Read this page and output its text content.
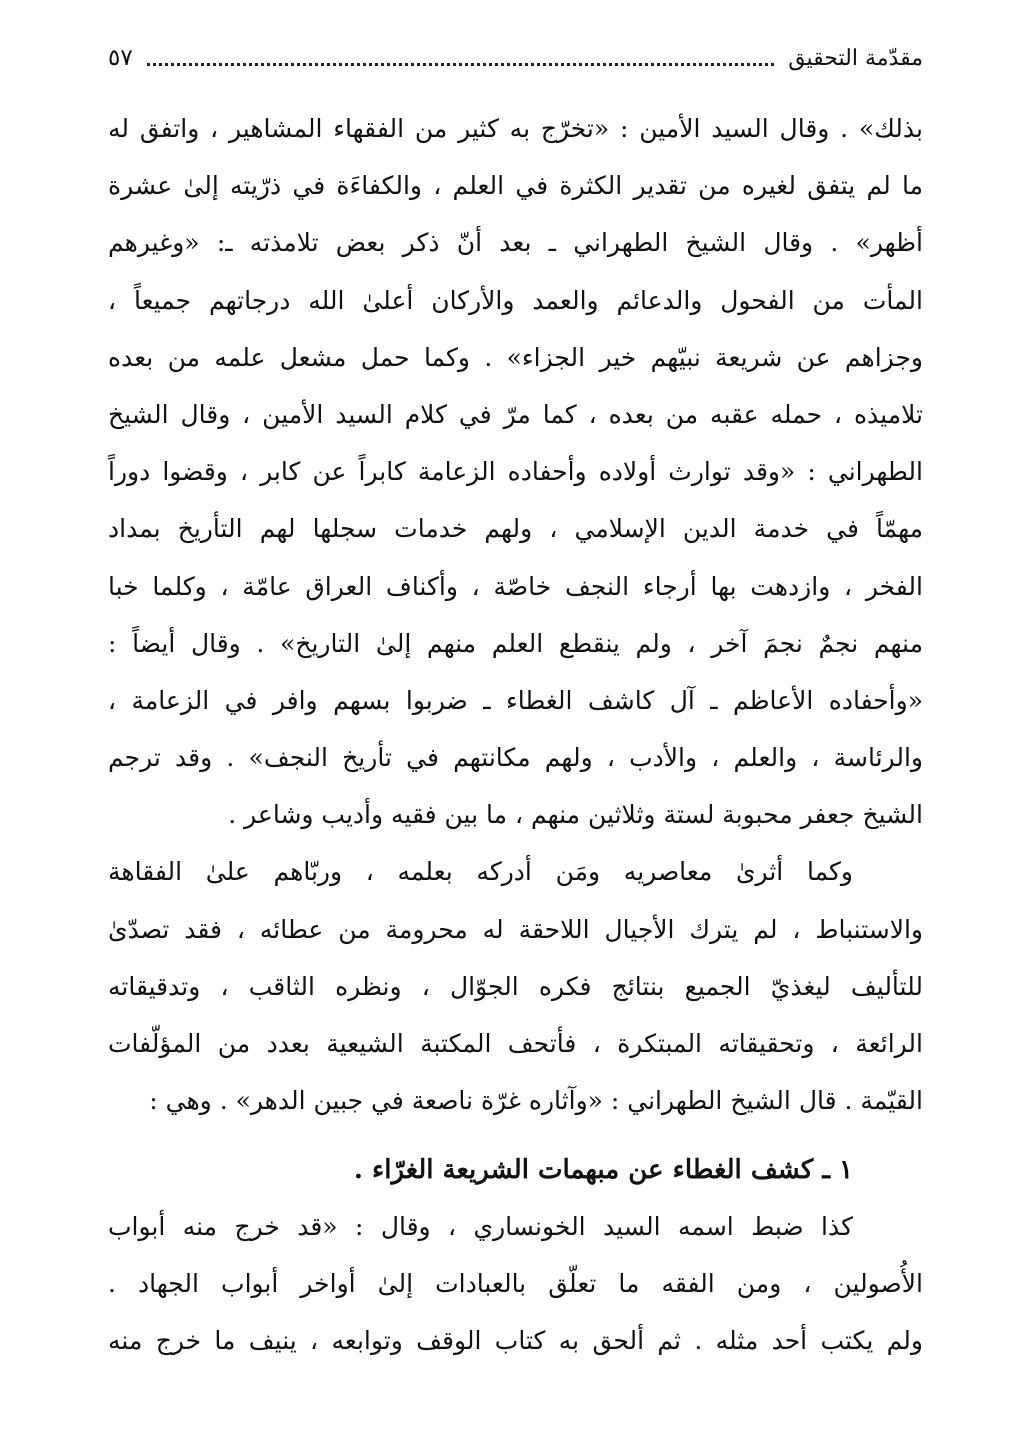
مقدّمة التحقيق
٥٧
بذلك» . وقال السيد الأمين : «تخرّج به كثير من الفقهاء المشاهير ، واتفق له
ما لم يتفق لغيره من تقدير الكثرة في العلم ، والكفاءَة في ذرّيته إلىٰ عشرة
أظهر» . وقال الشيخ الطهراني ـ بعد أنّ ذكر بعض تلامذته ـ: «وغيرهم
المأت من الفحول والدعائم والعمد والأركان أعلىٰ الله درجاتهم جميعاً ،
وجزاهم عن شريعة نبيّهم خير الجزاء» . وكما حمل مشعل علمه من بعده
تلاميذه ، حمله عقبه من بعده ، كما مرّ في كلام السيد الأمين ، وقال الشيخ
الطهراني : «وقد توارث أولاده وأحفاده الزعامة كابراً عن كابر ، وقضوا دوراً
مهمّاً في خدمة الدين الإسلامي ، ولهم خدمات سجلها لهم التأريخ بمداد
الفخر ، وازدهت بها أرجاء النجف خاصّة ، وأكناف العراق عامّة ، وكلما خبا
منهم نجمٌ نجمَ آخر ، ولم ينقطع العلم منهم إلىٰ التاريخ» . وقال أيضاً :
«وأحفاده الأعاظم ـ آل كاشف الغطاء ـ ضربوا بسهم وافر في الزعامة ،
والرئاسة ، والعلم ، والأدب ، ولهم مكانتهم في تأريخ النجف» . وقد ترجم
الشيخ جعفر محبوبة لستة وثلاثين منهم ، ما بين فقيه وأديب وشاعر .
وكما أثرىٰ معاصريه ومَن أدركه بعلمه ، وربّاهم علىٰ الفقاهة
والاستنباط ، لم يترك الأجيال اللاحقة له محرومة من عطائه ، فقد تصدّىٰ
للتأليف ليغذيّ الجميع بنتائج فكره الجوّال ، ونظره الثاقب ، وتدقيقاته
الرائعة ، وتحقيقاته المبتكرة ، فأتحف المكتبة الشيعية بعدد من المؤلّفات
القيّمة . قال الشيخ الطهراني : «وآثاره غرّة ناصعة في جبين الدهر» . وهي :
١ ـ كشف الغطاء عن مبهمات الشريعة الغرّاء .
كذا ضبط اسمه السيد الخونساري ، وقال : «قد خرج منه أبواب
الأُصولين ، ومن الفقه ما تعلّق بالعبادات إلىٰ أواخر أبواب الجهاد .
ولم يكتب أحد مثله . ثم ألحق به كتاب الوقف وتوابعه ، ينيف ما خرج منه
